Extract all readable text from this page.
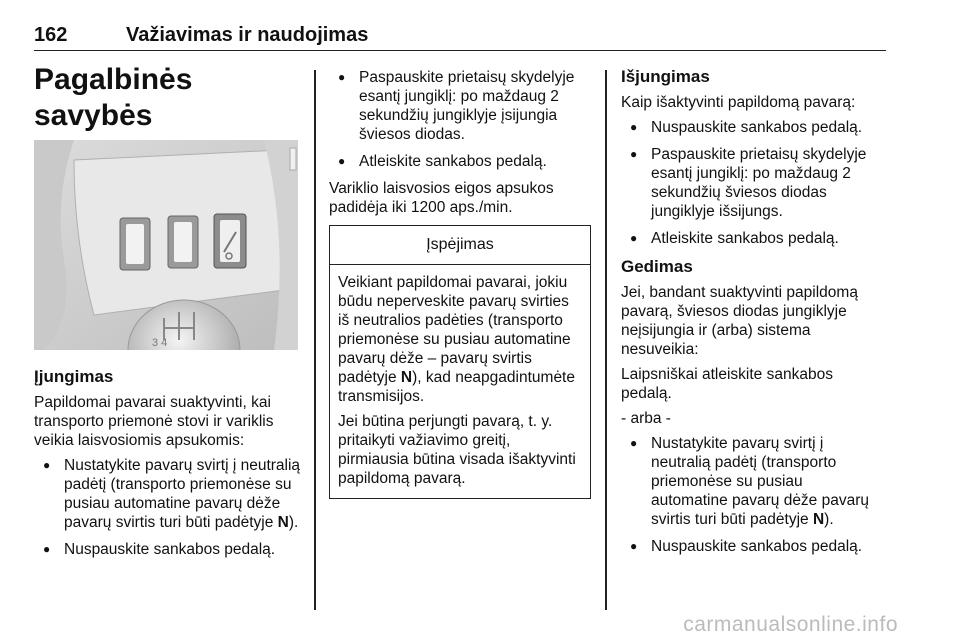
162	Važiavimas ir naudojimas
Pagalbinės savybės
3 4
Įjungimas

Papildomai pavarai suaktyvinti, kai transporto priemonė stovi ir variklis veikia laisvosiomis apsukomis:

● Nustatykite pavarų svirtį į neutralią padėtį (transporto priemonėse su pusiau automatine pavarų dėže pavarų svirtis turi būti padėtyje N).
● Nuspauskite sankabos pedalą.
● Paspauskite prietaisų skydelyje esantį jungiklį: po maždaug 2 sekundžių jungiklyje įsijungia šviesos diodas.
● Atleiskite sankabos pedalą.

Variklio laisvosios eigos apsukos padidėja iki 1200 aps./min.

Įspėjimas

Veikiant papildomai pavarai, jokiu būdu neperveskite pavarų svirties iš neutralios padėties (transporto priemonėse su pusiau automatine pavarų dėže – pavarų svirtis padėtyje N), kad neapgadintumėte transmisijos.

Jei būtina perjungti pavarą, t. y. pritaikyti važiavimo greitį, pirmiausia būtina visada išaktyvinti papildomą pavarą.

Išjungimas

Kaip išaktyvinti papildomą pavarą:

● Nuspauskite sankabos pedalą.
● Paspauskite prietaisų skydelyje esantį jungiklį: po maždaug 2 sekundžių šviesos diodas jungiklyje išsijungs.
● Atleiskite sankabos pedalą.
Gedimas

Jei, bandant suaktyvinti papildomą pavarą, šviesos diodas jungiklyje neįsijungia ir (arba) sistema nesuveikia:

Laipsniškai atleiskite sankabos pedalą.

- arba -

● Nustatykite pavarų svirtį į neutralią padėtį (transporto priemonėse su pusiau automatine pavarų dėže pavarų svirtis turi būti padėtyje N).
● Nuspauskite sankabos pedalą.
carmanualsonline.info
